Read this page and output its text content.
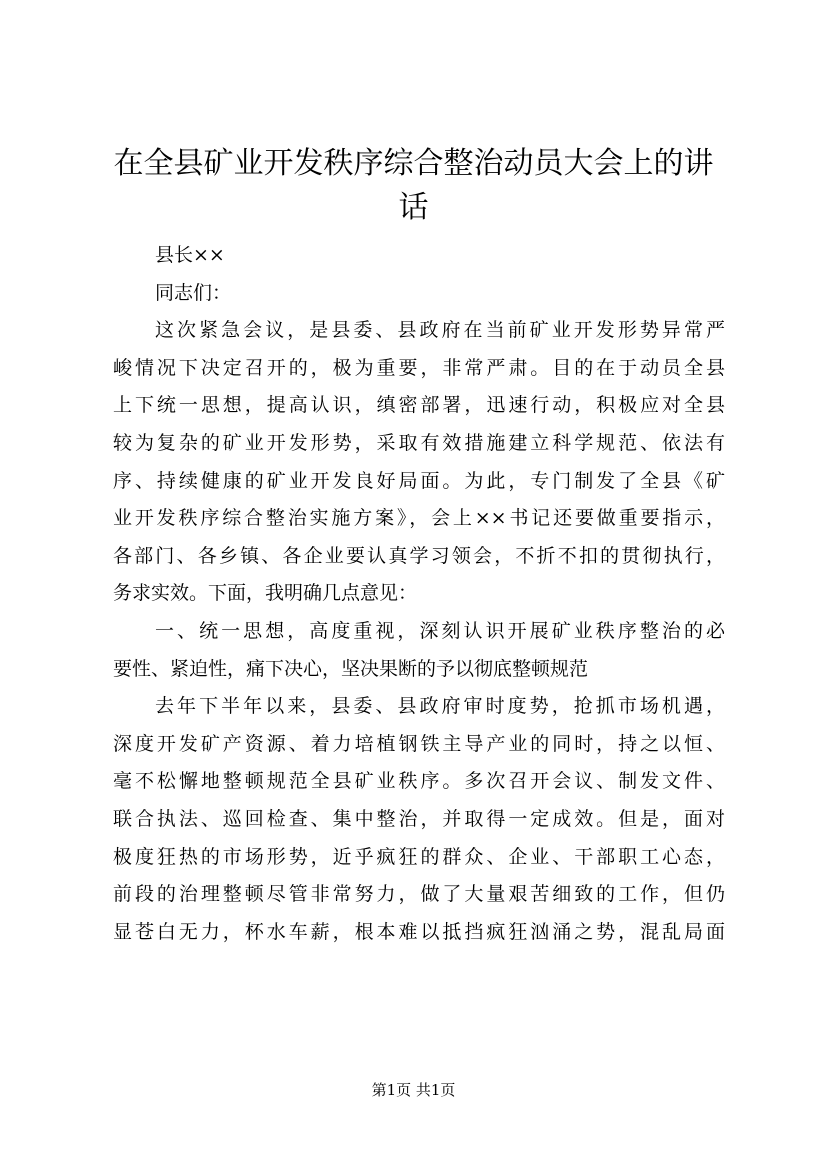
在全县矿业开发秩序综合整治动员大会上的讲
话
县长××
同志们：
这次紧急会议，是县委、县政府在当前矿业开发形势异常严
峻情况下决定召开的，极为重要，非常严肃。目的在于动员全县
上下统一思想，提高认识，缜密部署，迅速行动，积极应对全县
较为复杂的矿业开发形势，采取有效措施建立科学规范、依法有
序、持续健康的矿业开发良好局面。为此，专门制发了全县《矿
业开发秩序综合整治实施方案》，会上××书记还要做重要指示，
各部门、各乡镇、各企业要认真学习领会，不折不扣的贯彻执行，
务求实效。下面，我明确几点意见：
一、统一思想，高度重视，深刻认识开展矿业秩序整治的必
要性、紧迫性，痛下决心，坚决果断的予以彻底整顿规范
去年下半年以来，县委、县政府审时度势，抢抓市场机遇，
深度开发矿产资源、着力培植钢铁主导产业的同时，持之以恒、
毫不松懈地整顿规范全县矿业秩序。多次召开会议、制发文件、
联合执法、巡回检查、集中整治，并取得一定成效。但是，面对
极度狂热的市场形势，近乎疯狂的群众、企业、干部职工心态，
前段的治理整顿尽管非常努力，做了大量艰苦细致的工作，但仍
显苍白无力，杯水车薪，根本难以抵挡疯狂汹涌之势，混乱局面
第1页 共1页
